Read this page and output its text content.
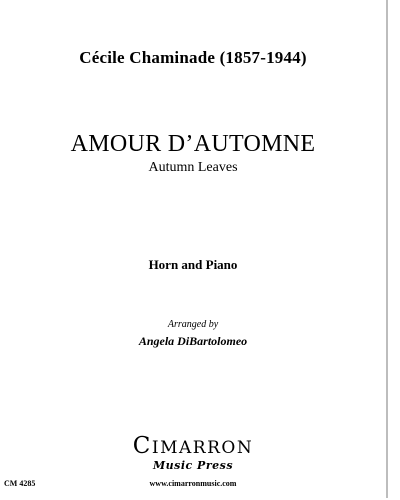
Cécile Chaminade (1857-1944)
AMOUR D’AUTOMNE
Autumn Leaves
Horn and Piano
Arranged by
Angela DiBartolomeo
CIMARRON
Music Press
CM 4285	www.cimarronmusic.com
